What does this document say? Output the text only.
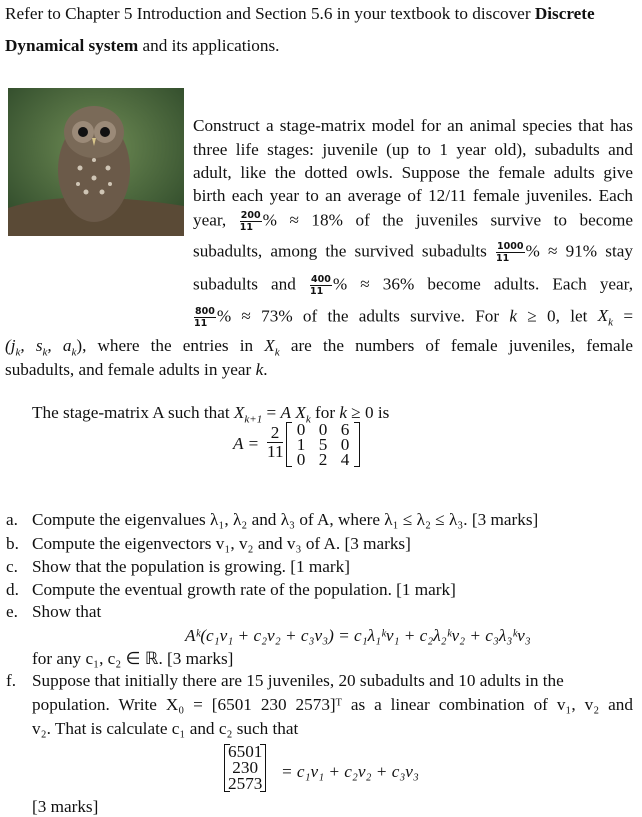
Refer to Chapter 5 Introduction and Section 5.6 in your textbook to discover Discrete
Dynamical system and its applications.
Construct a stage-matrix model for an animal species that has
three life stages: juvenile (up to 1 year old), subadults and
adult, like the dotted owls. Suppose the female adults give
birth each year to an average of 12/11 female juveniles. Each
year, $\frac{200}{11}$ % ≈ 18% of the juveniles survive to become
subadults, among the survived subadults $\frac{1000}{11}$ % ≈ 91% stay
subadults and $\frac{400}{11}$ % ≈ 36% become adults. Each year,
$\frac{800}{11}$ % ≈ 73% of the adults survive. For k ≥ 0, let $X_k$ =
($j_k$, $s_k$, $a_k$), where the entries in $X_k$ are the numbers of female juveniles, female
subadults, and female adults in year k.
The stage-matrix A such that $X_{k+1} = A$ $X_k$ for k ≥ 0 is
$A = \frac{2}{11} 0$ 0 6
1 5 0
0 2 4
a. Compute the eigenvalues λ₁, λ₂ and λ₃ of A, where λ₁ ≤ λ₂ ≤ λ₃. [3 marks]
b. Compute the eigenvectors v₁, v₂ and v₃ of A. [3 marks]
c. Show that the population is growing. [1 mark]
d. Compute the eventual growth rate of the population. [1 mark]
e. Show that
Aᵏ(c₁v₁ + c₂v₂ + c₃v₃) = c₁λ₁ᵏv₁ + c₂λ₂ᵏv₂ + c₃λ₃ᵏv₃
for any c₁, c₂ ∈ ℝ. [3 marks]
f. Suppose that initially there are 15 juveniles, 20 subadults and 10 adults in the
population. Write X₀ = [6501 230 2573]ᵀ as a linear combination of v₁, v₂ and
v₂. That is calculate c₁ and c₂ such that
6501
230
2573
= c₁v₁ + c₂v₂ + c₃v₃
[3 marks]
